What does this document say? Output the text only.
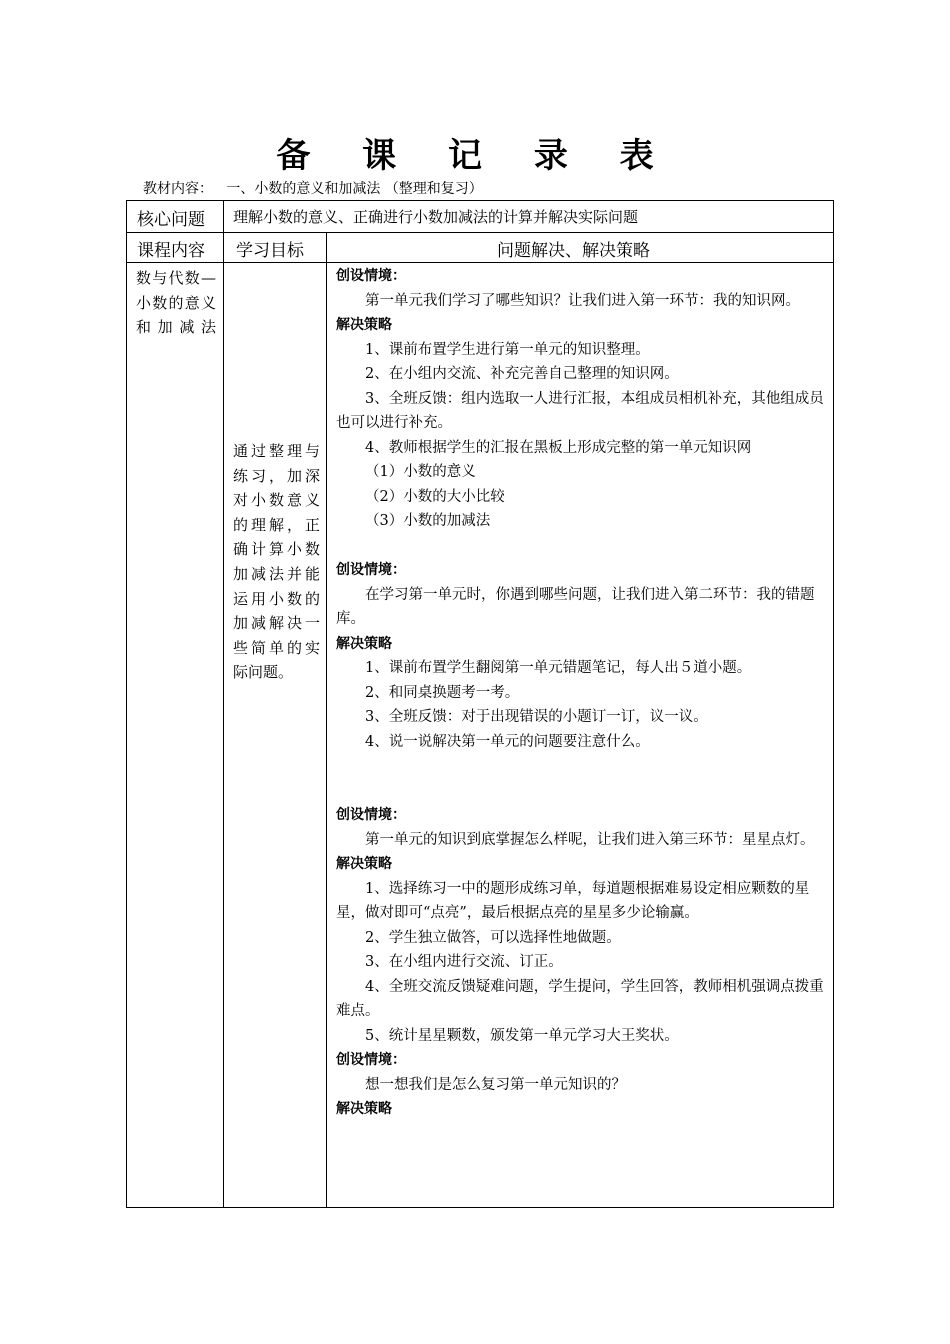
备 课 记 录 表
教材内容：   一、小数的意义和加减法 （整理和复习）
核心问题 理解小数的意义、正确进行小数加减法的计算并解决实际问题
课程内容 学习目标	问题解决、解决策略
数与代数—小数的意义和加减法
通过整理与练习，加深对小数意义的理解，正确计算小数加减法并能运用小数的加减解决一些简单的实际问题。
创设情境：
第一单元我们学习了哪些知识？让我们进入第一环节：我的知识网。
解决策略
1、课前布置学生进行第一单元的知识整理。
2、在小组内交流、补充完善自己整理的知识网。
3、全班反馈：组内选取一人进行汇报，本组成员相机补充，其他组成员也可以进行补充。
4、教师根据学生的汇报在黑板上形成完整的第一单元知识网
（1）小数的意义
（2）小数的大小比较
（3）小数的加减法
创设情境：
在学习第一单元时，你遇到哪些问题，让我们进入第二环节：我的错题库。
解决策略
1、课前布置学生翻阅第一单元错题笔记，每人出５道小题。
2、和同桌换题考一考。
3、全班反馈：对于出现错误的小题订一订，议一议。
4、说一说解决第一单元的问题要注意什么。
创设情境：
第一单元的知识到底掌握怎么样呢，让我们进入第三环节：星星点灯。
解决策略
1、选择练习一中的题形成练习单，每道题根据难易设定相应颗数的星星，做对即可“点亮”，最后根据点亮的星星多少论输赢。
2、学生独立做答，可以选择性地做题。
3、在小组内进行交流、订正。
4、全班交流反馈疑难问题，学生提问，学生回答，教师相机强调点拨重难点。
5、统计星星颗数，颁发第一单元学习大王奖状。
创设情境：
想一想我们是怎么复习第一单元知识的？
解决策略
